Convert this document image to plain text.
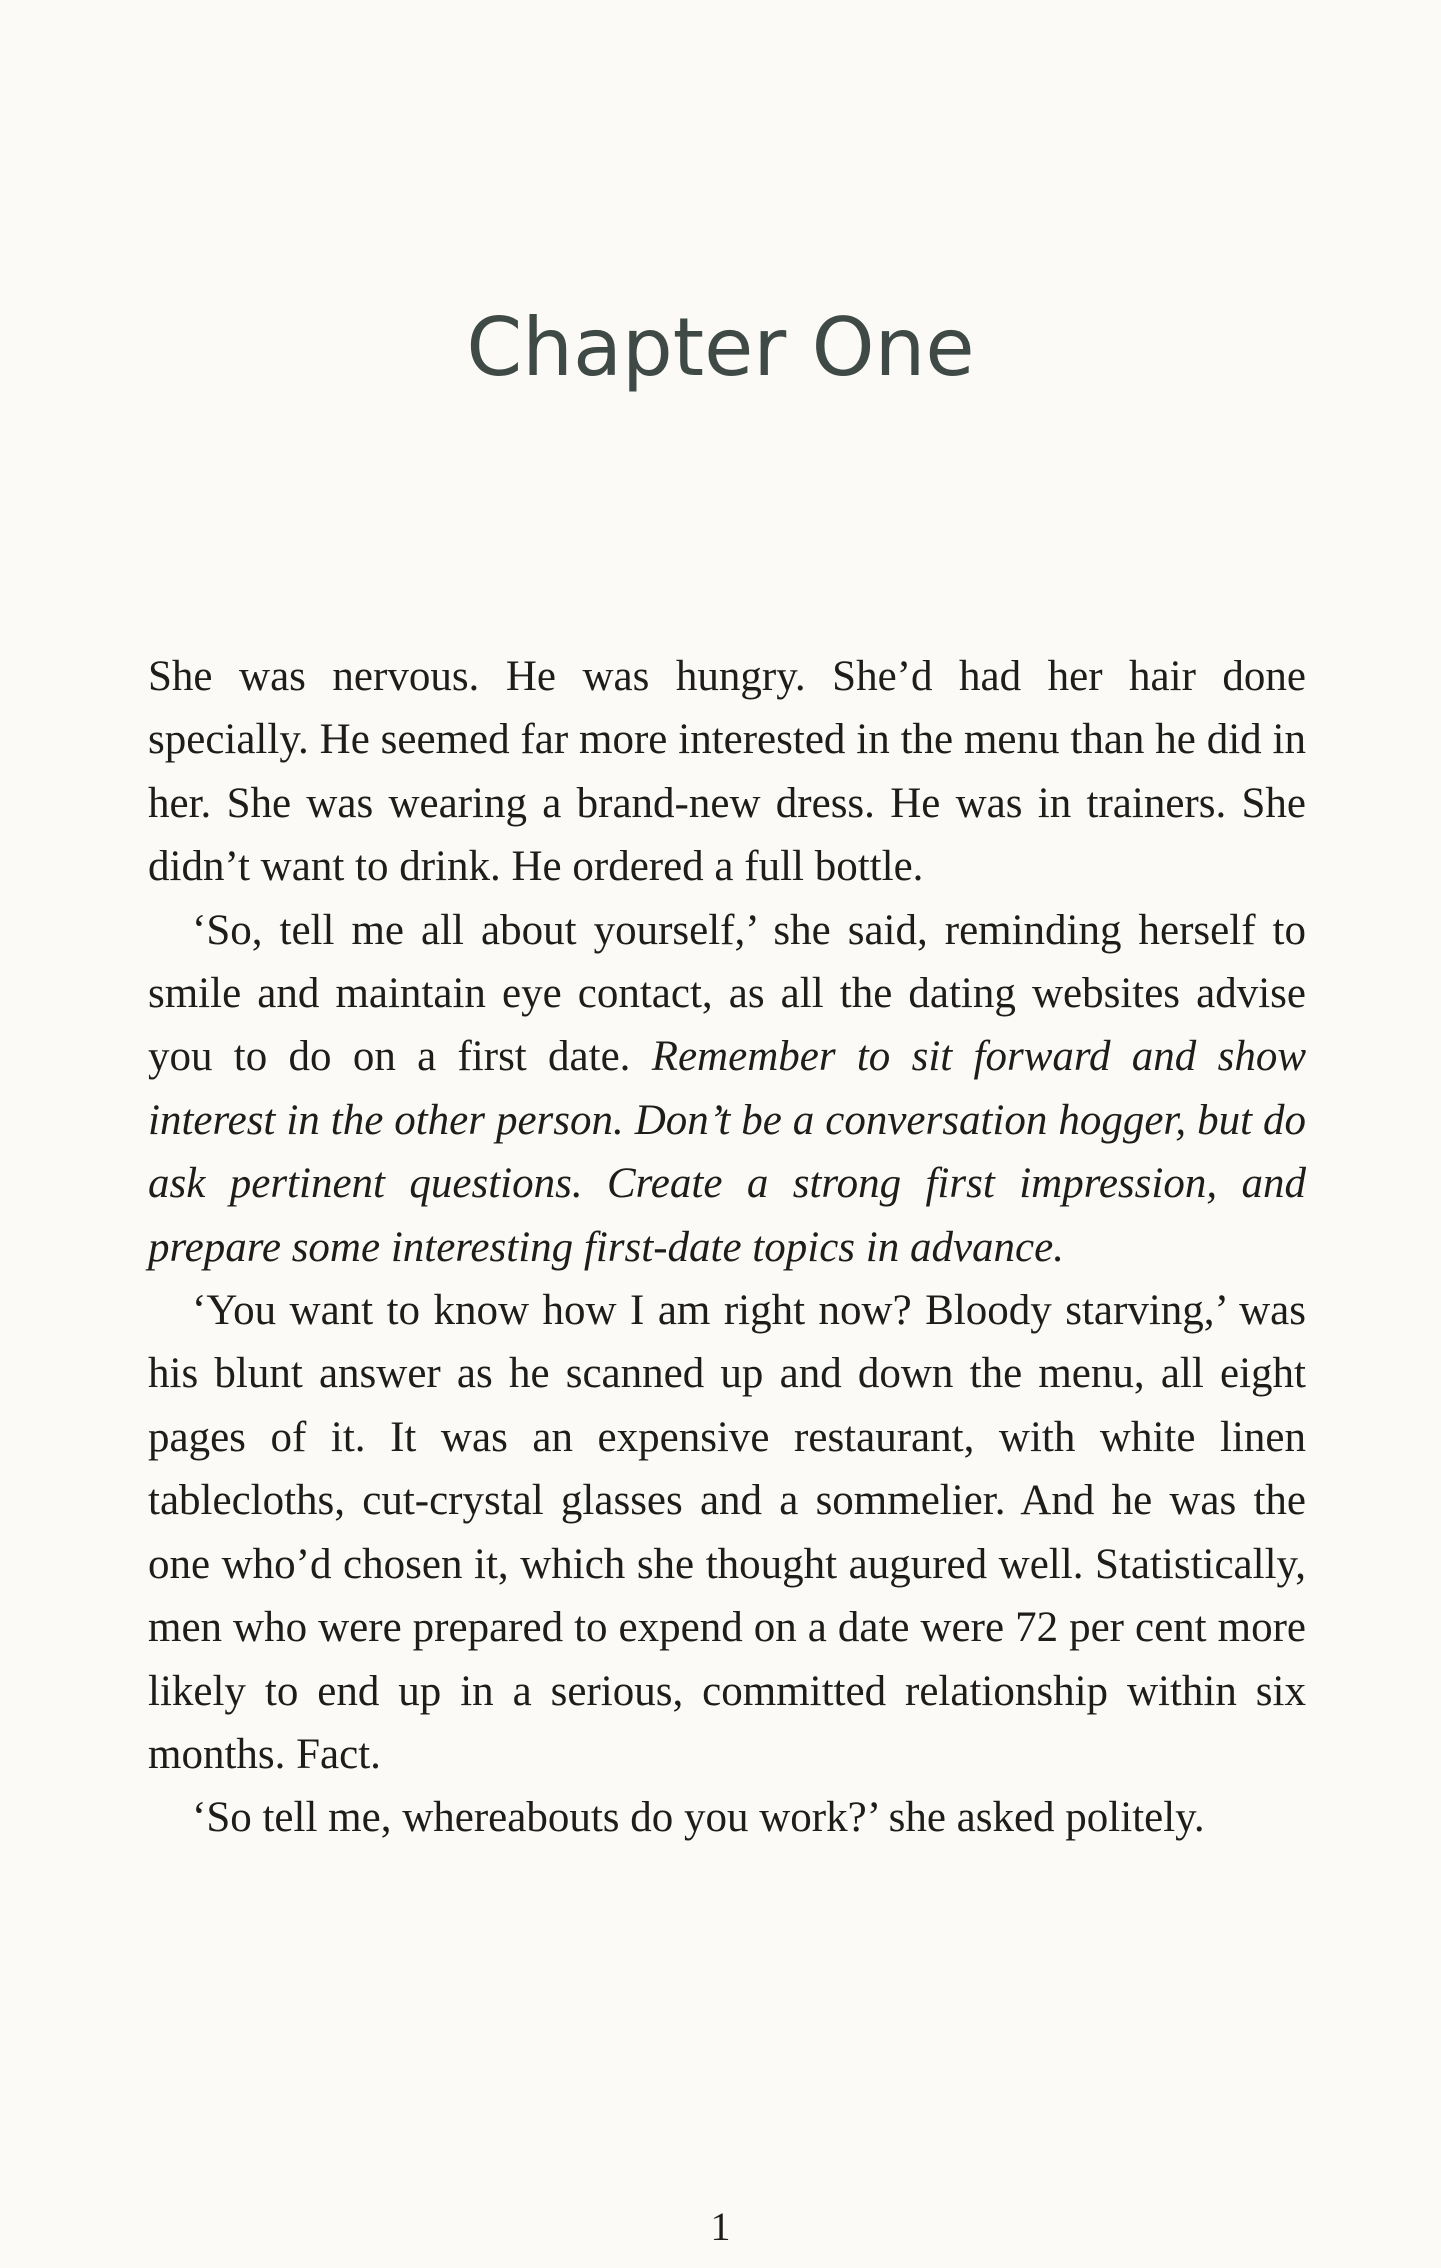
Chapter One

She was nervous. He was hungry. She’d had her hair done specially. He seemed far more interested in the menu than he did in her. She was wearing a brand-new dress. He was in trainers. She didn’t want to drink. He ordered a full bottle.

‘So, tell me all about yourself,’ she said, reminding herself to smile and maintain eye contact, as all the dating websites advise you to do on a first date. Remember to sit forward and show interest in the other person. Don’t be a conversation hogger, but do ask pertinent questions. Create a strong first impression, and prepare some interesting first-date topics in advance.

‘You want to know how I am right now? Bloody starving,’ was his blunt answer as he scanned up and down the menu, all eight pages of it. It was an expensive restaurant, with white linen tablecloths, cut-crystal glasses and a sommelier. And he was the one who’d chosen it, which she thought augured well. Statistically, men who were prepared to expend on a date were 72 per cent more likely to end up in a serious, committed relationship within six months. Fact.

‘So tell me, whereabouts do you work?’ she asked politely.

1
